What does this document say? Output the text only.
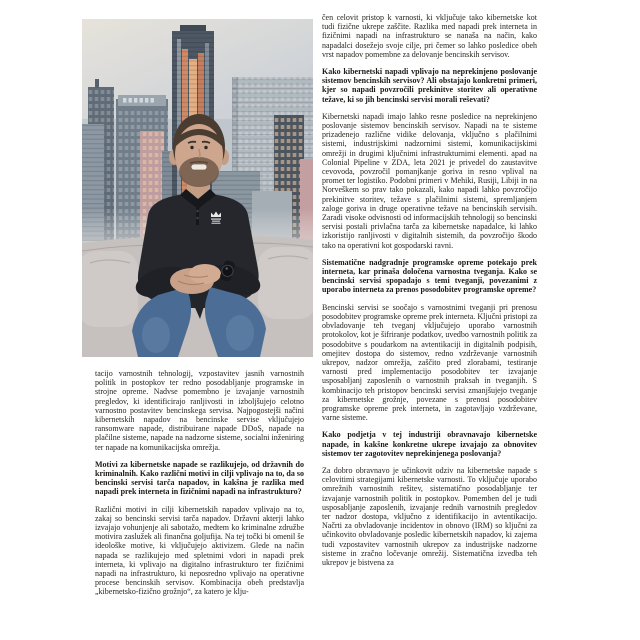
tacijo varnostnih tehnologij, vzpostavitev jasnih varnostnih politik in postopkov ter redno posodabljanje programske in strojne opreme. Nadvse pomembno je izvajanje varnostnih pregledov, ki identificirajo ranljivosti in izboljšujejo celotno varnostno postavitev bencinskega servisa. Najpogostejši načini kibernetskih napadov na bencinske servise vključujejo ransomware napade, distribuirane napade DDoS, napade na plačilne sisteme, napade na nadzorne sisteme, socialni inženiring ter napade na komunikacijska omrežja.

Motivi za kibernetske napade se razlikujejo, od državnih do kriminalnih. Kako različni motivi in cilji vplivajo na to, da so bencinski servisi tarča napadov, in kakšna je razlika med napadi prek interneta in fizičnimi napadi na infrastrukturo?

Različni motivi in cilji kibernetskih napadov vplivajo na to, zakaj so bencinski servisi tarča napadov. Državni akterji lahko izvajajo vohunjenje ali sabotažo, medtem ko kriminalne združbe motivira zaslužek ali finančna goljufija. Na tej točki bi omenil še ideološke motive, ki vključujejo aktivizem. Glede na način napada se razlikujejo med spletnimi vdori in napadi prek interneta, ki vplivajo na digitalno infrastrukturo ter fizičnimi napadi na infrastrukturo, ki neposredno vplivajo na operativne procese bencinskih servisov. Kombinacija obeh predstavlja „kibernetsko-fizično grožnjo“, za katero je klju-

čen celovit pristop k varnosti, ki vključuje tako kibernetske kot tudi fizične ukrepe zaščite. Razlika med napadi prek interneta in fizičnimi napadi na infrastrukturo se nanaša na način, kako napadalci dosežejo svoje cilje, pri čemer so lahko posledice obeh vrst napadov pomembne za delovanje bencinskih servisov.

Kako kibernetski napadi vplivajo na neprekinjeno poslovanje sistemov bencinskih servisov? Ali obstajajo konkretni primeri, kjer so napadi povzročili prekinitve storitev ali operativne težave, ki so jih bencinski servisi morali reševati?

Kibernetski napadi imajo lahko resne posledice na neprekinjeno poslovanje sistemov bencinskih servisov. Napadi na te sisteme prizadenejo različne vidike delovanja, vključno s plačilnimi sistemi, industrijskimi nadzornimi sistemi, komunikacijskimi omrežji in drugimi ključnimi infrastrukturnimi elementi. apad na Colonial Pipeline v ZDA, leta 2021 je privedel do zaustavitve cevovoda, povzročil pomanjkanje goriva in resno vplival na promet ter logistiko. Podobni primeri v Mehiki, Rusiji, Libiji in na Norveškem so prav tako pokazali, kako napadi lahko povzročijo prekinitve storitev, težave s plačilnimi sistemi, spremljanjem zaloge goriva in druge operativne težave na bencinskih servisih. Zaradi visoke odvisnosti od informacijskih tehnologij so bencinski servisi postali privlačna tarča za kibernetske napadalce, ki lahko izkoristijo ranljivosti v digitalnih sistemih, da povzročijo škodo tako na operativni kot gospodarski ravni.

Sistematične nadgradnje programske opreme potekajo prek interneta, kar prinaša določena varnostna tveganja. Kako se bencinski servisi spopadajo s temi tveganji, povezanimi z uporabo interneta za prenos posodobitev programske opreme?

Bencinski servisi se soočajo s varnostnimi tveganji pri prenosu posodobitev programske opreme prek interneta. Ključni pristopi za obvladovanje teh tveganj vključujejo uporabo varnostnih protokolov, kot je šifriranje podatkov, uvedbo varnostnih politik za posodobitve s poudarkom na avtentikaciji in digitalnih podpisih, omejitev dostopa do sistemov, redno vzdrževanje varnostnih ukrepov, nadzor omrežja, zaščito pred zlorabami, testiranje varnosti pred implementacijo posodobitev ter izvajanje usposabljanj zaposlenih o varnostnih praksah in tveganjih. S kombinacijo teh pristopov bencinski servisi zmanjšujejo tveganje za kibernetske grožnje, povezane s prenosi posodobitev programske opreme prek interneta, in zagotavljajo vzdrževane, varne sisteme.

Kako podjetja v tej industriji obravnavajo kibernetske napade, in kakšne konkretne ukrepe izvajajo za obnovitev sistemov ter zagotovitev neprekinjenega poslovanja?

Za dobro obravnavo je učinkovit odziv na kibernetske napade s celovitimi strategijami kibernetske varnosti. To vključuje uporabo omrežnih varnostnih rešitev, sistematično posodabljanje ter izvajanje varnostnih politik in postopkov. Pomemben del je tudi usposabljanje zaposlenih, izvajanje rednih varnostnih pregledov ter nadzor dostopa, vključno z identifikacijo in avtentikacijo. Načrti za obvladovanje incidentov in obnovo (IRM) so ključni za učinkovito obvladovanje posledic kibernetskih napadov, ki zajema tudi vzpostavitev varnostnih ukrepov za industrijske nadzorne sisteme in zračno ločevanje omrežij. Sistematična izvedba teh ukrepov je bistvena za
